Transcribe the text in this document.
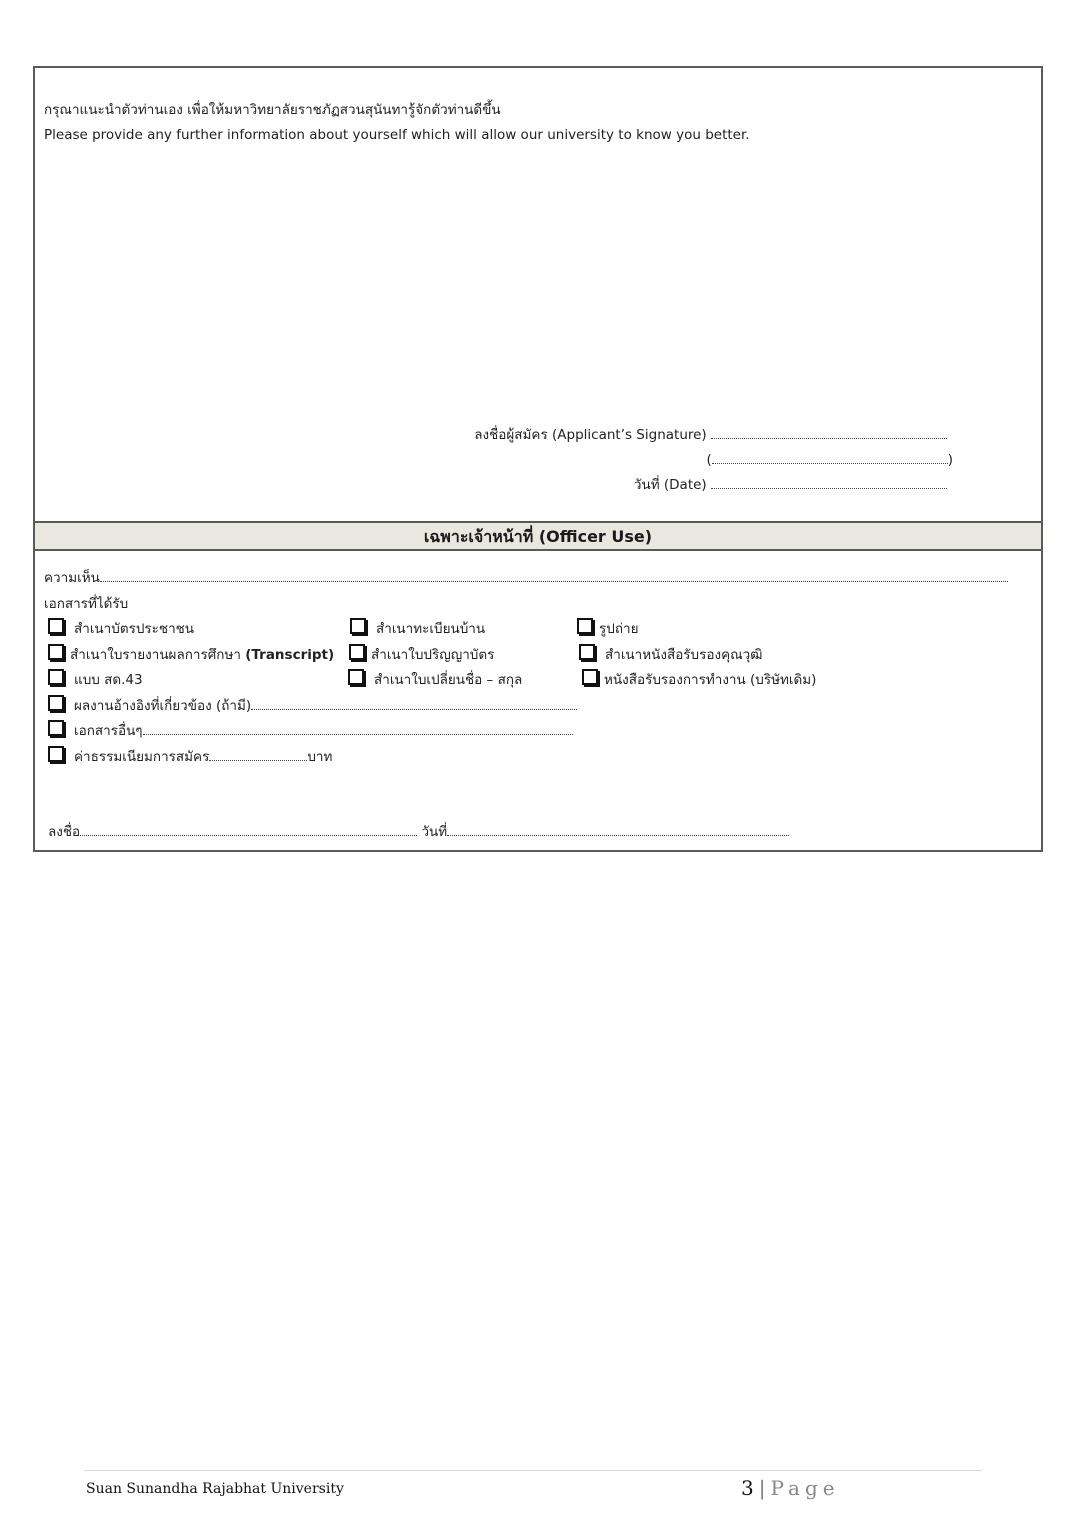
กรุณาแนะนำตัวท่านเอง เพื่อให้มหาวิทยาลัยราชภัฏสวนสุนันทารู้จักตัวท่านดีขึ้น
Please provide any further information about yourself which will allow our university to know you better.
ลงชื่อผู้สมัคร (Applicant’s Signature)
(	)
วันที่ (Date)
เฉพาะเจ้าหน้าที่ (Officer Use)
ความเห็น
เอกสารที่ได้รับ
สำเนาบัตรประชาชน	สำเนาทะเบียนบ้าน	รูปถ่าย
สำเนาใบรายงานผลการศึกษา (Transcript)	สำเนาใบปริญญาบัตร	สำเนาหนังสือรับรองคุณวุฒิ
แบบ สด.43	สำเนาใบเปลี่ยนชื่อ – สกุล	หนังสือรับรองการทำงาน (บริษัทเดิม)
ผลงานอ้างอิงที่เกี่ยวข้อง (ถ้ามี)
เอกสารอื่นๆ
ค่าธรรมเนียมการสมัคร	บาท
ลงชื่อ	วันที่
Suan Sunandha Rajabhat University	3 | Page
